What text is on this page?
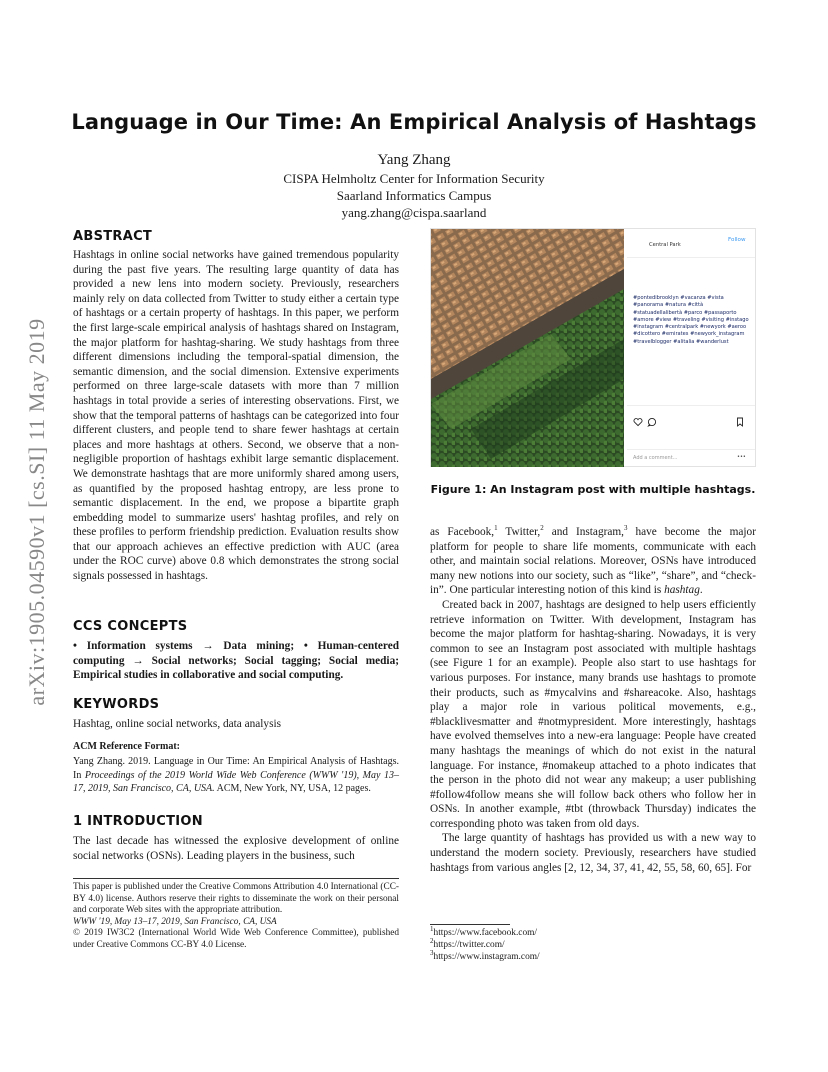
arXiv:1905.04590v1 [cs.SI] 11 May 2019
Language in Our Time: An Empirical Analysis of Hashtags
Yang Zhang
CISPA Helmholtz Center for Information Security
Saarland Informatics Campus
yang.zhang@cispa.saarland
ABSTRACT
Hashtags in online social networks have gained tremendous popularity during the past five years. The resulting large quantity of data has provided a new lens into modern society. Previously, researchers mainly rely on data collected from Twitter to study either a certain type of hashtags or a certain property of hashtags. In this paper, we perform the first large-scale empirical analysis of hashtags shared on Instagram, the major platform for hashtag-sharing. We study hashtags from three different dimensions including the temporal-spatial dimension, the semantic dimension, and the social dimension. Extensive experiments performed on three large-scale datasets with more than 7 million hashtags in total provide a series of interesting observations. First, we show that the temporal patterns of hashtags can be categorized into four different clusters, and people tend to share fewer hashtags at certain places and more hashtags at others. Second, we observe that a non-negligible proportion of hashtags exhibit large semantic displacement. We demonstrate hashtags that are more uniformly shared among users, as quantified by the proposed hashtag entropy, are less prone to semantic displacement. In the end, we propose a bipartite graph embedding model to summarize users' hashtag profiles, and rely on these profiles to perform friendship prediction. Evaluation results show that our approach achieves an effective prediction with AUC (area under the ROC curve) above 0.8 which demonstrates the strong social signals possessed in hashtags.
CCS CONCEPTS
• Information systems → Data mining; • Human-centered computing → Social networks; Social tagging; Social media; Empirical studies in collaborative and social computing.
KEYWORDS
Hashtag, online social networks, data analysis
ACM Reference Format:
Yang Zhang. 2019. Language in Our Time: An Empirical Analysis of Hashtags. In Proceedings of the 2019 World Wide Web Conference (WWW '19), May 13–17, 2019, San Francisco, CA, USA. ACM, New York, NY, USA, 12 pages.
1 INTRODUCTION
The last decade has witnessed the explosive development of online social networks (OSNs). Leading players in the business, such

This paper is published under the Creative Commons Attribution 4.0 International (CC-BY 4.0) license. Authors reserve their rights to disseminate the work on their personal and corporate Web sites with the appropriate attribution.

WWW '19, May 13–17, 2019, San Francisco, CA, USA

© 2019 IW3C2 (International World Wide Web Conference Committee), published under Creative Commons CC-BY 4.0 License.

Central Park
Follow
#pontedibrooklyn #vacanza #vista #panorama #natura #città #statuadellalibertà #parco #passaporto #amore #view #traveling #visiting #instago #instagram #centralpark #newyork #aeroo #dicottero #emirates #newyork_instagram #travelblogger #alitalia #wanderlust
Add a comment...	•••
Figure 1: An Instagram post with multiple hashtags.

as Facebook,$^1$ Twitter,$^2$ and Instagram,$^3$ have become the major platform for people to share life moments, communicate with each other, and maintain social relations. Moreover, OSNs have introduced many new notions into our society, such as “like”, “share”, and “check-in”. One particular interesting notion of this kind is hashtag.

Created back in 2007, hashtags are designed to help users efficiently retrieve information on Twitter. With development, Instagram has become the major platform for hashtag-sharing. Nowadays, it is very common to see an Instagram post associated with multiple hashtags (see Figure 1 for an example). People also start to use hashtags for various purposes. For instance, many brands use hashtags to promote their products, such as #mycalvins and #shareacoke. Also, hashtags play a major role in various political movements, e.g., #blacklivesmatter and #notmypresident. More interestingly, hashtags have evolved themselves into a new-era language: People have created many hashtags the meanings of which do not exist in the natural language. For instance, #nomakeup attached to a photo indicates that the person in the photo did not wear any makeup; a user publishing #follow4follow means she will follow back others who follow her in OSNs. In another example, #tbt (throwback Thursday) indicates the corresponding photo was taken from old days.

The large quantity of hashtags has provided us with a new way to understand the modern society. Previously, researchers have studied hashtags from various angles [2, 12, 34, 37, 41, 42, 55, 58, 60, 65]. For

$^1$https://www.facebook.com/
$^2$https://twitter.com/
$^3$https://www.instagram.com/
